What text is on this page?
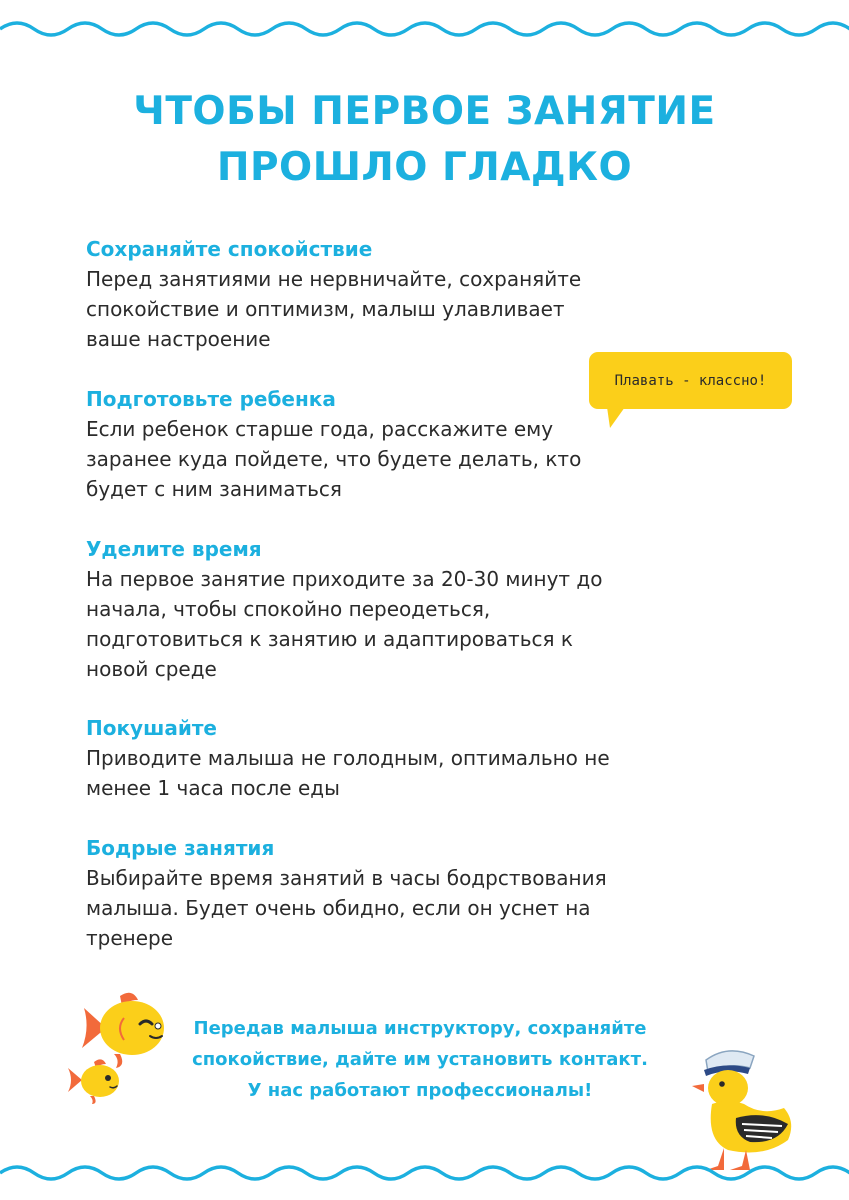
ЧТОБЫ ПЕРВОЕ ЗАНЯТИЕ
ПРОШЛО ГЛАДКО

Сохраняйте спокойствие

Перед занятиями не нервничайте, сохраняйте
спокойствие и оптимизм, малыш улавливает
ваше настроение

Подготовьте ребенка

Если ребенок старше года, расскажите ему
заранее куда пойдете, что будете делать, кто
будет с ним заниматься

Уделите время

На первое занятие приходите за 20-30 минут до
начала, чтобы спокойно переодеться,
подготовиться к занятию и адаптироваться к
новой среде

Покушайте

Приводите малыша не голодным, оптимально не
менее 1 часа после еды

Бодрые занятия

Выбирайте время занятий в часы бодрствования
малыша. Будет очень обидно, если он уснет на
тренере

Плавать - классно!
Передав малыша инструктору, сохраняйте
спокойствие, дайте им установить контакт.
У нас работают профессионалы!
